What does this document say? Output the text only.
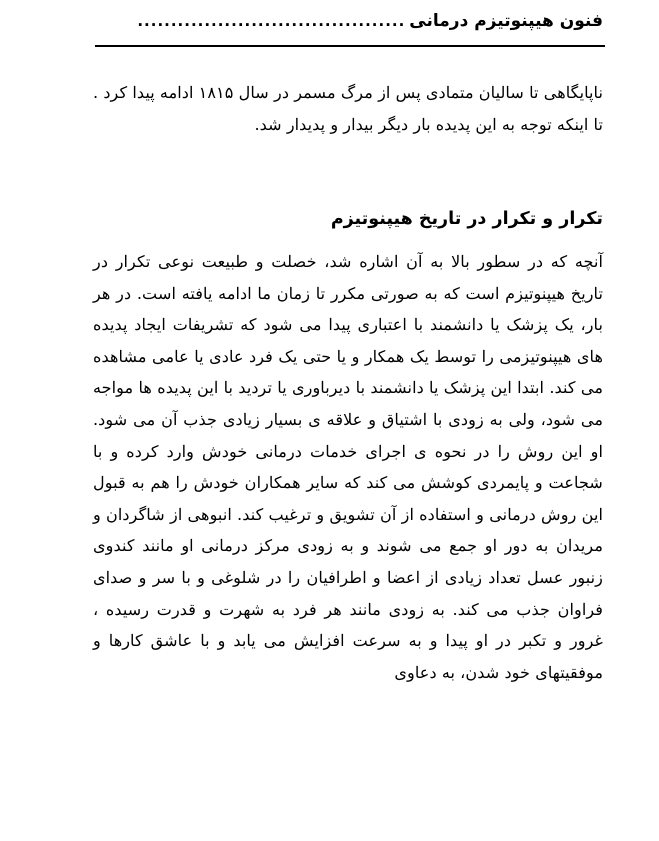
فنون هیپنوتیزم درمانی
........................................

ناپایگاهی تا سالیان متمادی پس از مرگ مسمر در سال ۱۸۱۵ ادامه پیدا کرد . تا اینکه توجه به این پدیده بار دیگر بیدار و پدیدار شد.

تکرار و تکرار در تاریخ هیپنوتیزم

آنچه که در سطور بالا به آن اشاره شد، خصلت و طبیعت نوعی تکرار در تاریخ هیپنوتیزم است که به صورتی مکرر تا زمان ما ادامه یافته است. در هر بار، یک پزشک یا دانشمند با اعتباری پیدا می شود که تشریفات ایجاد پدیده های هیپنوتیزمی را توسط یک همکار و یا حتی یک فرد عادی یا عامی مشاهده می کند. ابتدا این پزشک یا دانشمند با دیرباوری یا تردید با این پدیده ها مواجه می شود، ولی به زودی با اشتیاق و علاقه ی بسیار زیادی جذب آن می شود. او این روش را در نحوه ی اجرای خدمات درمانی خودش وارد کرده و با شجاعت و پایمردی کوشش می کند که سایر همکاران خودش را هم به قبول این روش درمانی و استفاده از آن تشویق و ترغیب کند. انبوهی از شاگردان و مریدان به دور او جمع می شوند و به زودی مرکز درمانی او مانند کندوی زنبور عسل تعداد زیادی از اعضا و اطرافیان را در شلوغی و با سر و صدای فراوان جذب می کند. به زودی مانند هر فرد به شهرت و قدرت رسیده ، غرور و تکبر در او پیدا و به سرعت افزایش می یابد و با عاشق کارها و موفقیتهای خود شدن، به دعاوی
